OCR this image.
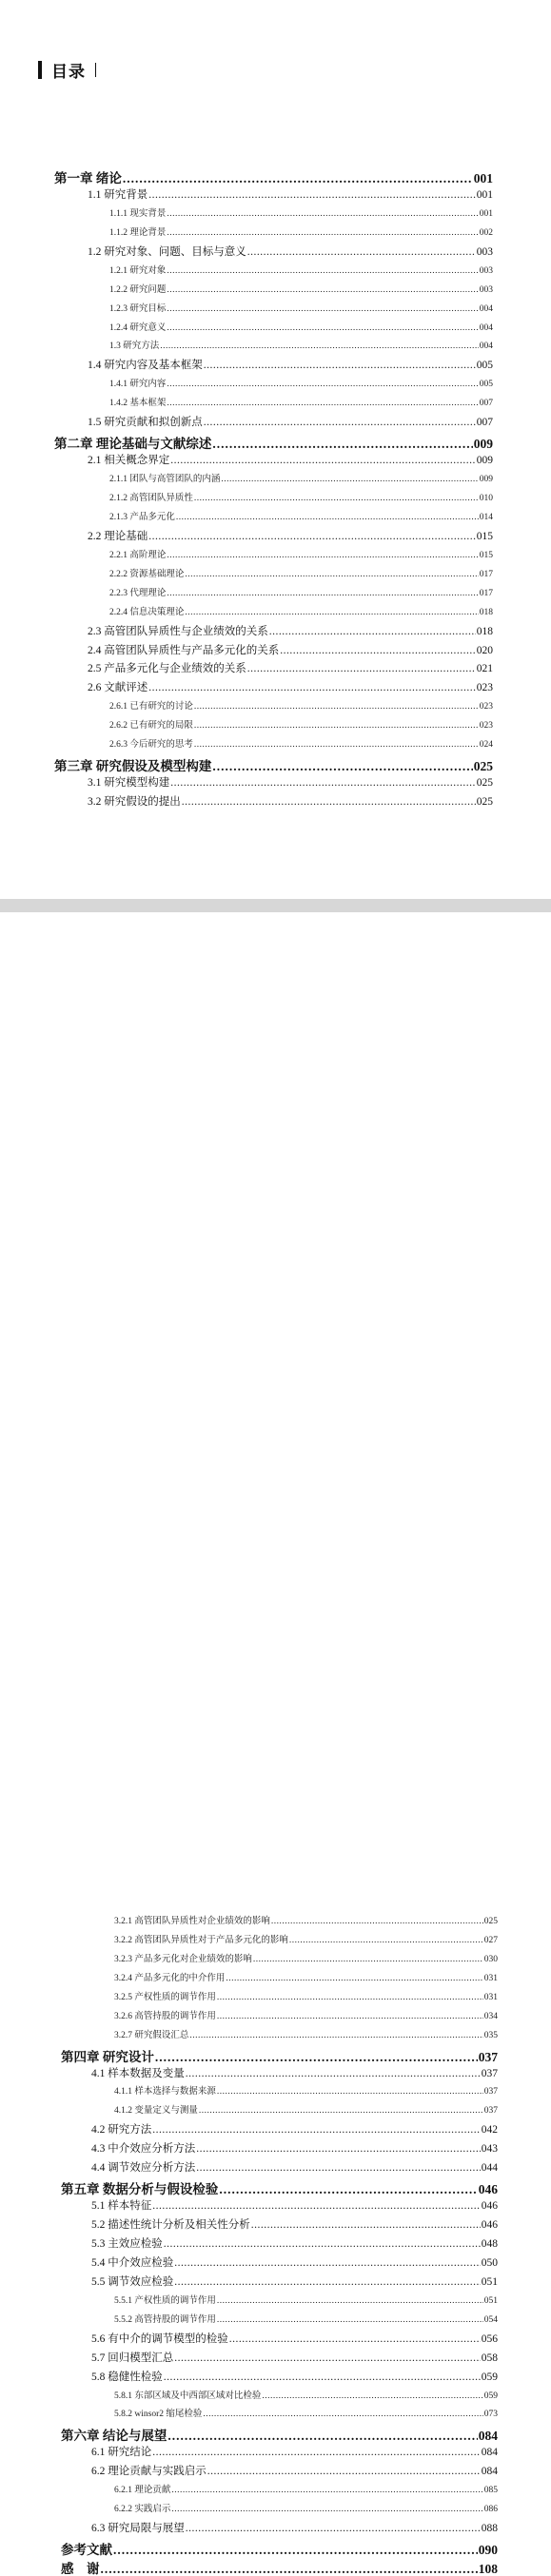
目录
第一章 绪论 .....	001
1.1 研究背景 .....	001
1.1.1 现实背景 .....	001
1.1.2 理论背景 .....	002
1.2 研究对象、问题、目标与意义 .....	003
1.2.1 研究对象 .....	003
1.2.2 研究问题 .....	003
1.2.3 研究目标 .....	004
1.2.4 研究意义 .....	004
1.3 研究方法 .....	004
1.4 研究内容及基本框架 .....	005
1.4.1 研究内容 .....	005
1.4.2 基本框架 .....	007
1.5 研究贡献和拟创新点 .....	007
第二章 理论基础与文献综述 .....	009
2.1 相关概念界定 .....	009
2.1.1 团队与高管团队的内涵 .....	009
2.1.2 高管团队异质性 .....	010
2.1.3 产品多元化 .....	014
2.2 理论基础 .....	015
2.2.1 高阶理论 .....	015
2.2.2 资源基础理论 .....	017
2.2.3 代理理论 .....	017
2.2.4 信息决策理论 .....	018
2.3 高管团队异质性与企业绩效的关系 .....	018
2.4 高管团队异质性与产品多元化的关系 .....	020
2.5 产品多元化与企业绩效的关系 .....	021
2.6 文献评述 .....	023
2.6.1 已有研究的讨论 .....	023
2.6.2 已有研究的局限 .....	023
2.6.3 今后研究的思考 .....	024
第三章 研究假设及模型构建 .....	025
3.1 研究模型构建 .....	025
3.2 研究假设的提出 .....	025
3.2.1 高管团队异质性对企业绩效的影响 .....	025
3.2.2 高管团队异质性对于产品多元化的影响 .....	027
3.2.3 产品多元化对企业绩效的影响 .....	030
3.2.4 产品多元化的中介作用 .....	031
3.2.5 产权性质的调节作用 .....	031
3.2.6 高管持股的调节作用 .....	034
3.2.7 研究假设汇总 .....	035
第四章 研究设计 .....	037
4.1 样本数据及变量 .....	037
4.1.1 样本选择与数据来源 .....	037
4.1.2 变量定义与测量 .....	037
4.2 研究方法 .....	042
4.3 中介效应分析方法 .....	043
4.4 调节效应分析方法 .....	044
第五章 数据分析与假设检验 .....	046
5.1 样本特征 .....	046
5.2 描述性统计分析及相关性分析 .....	046
5.3 主效应检验 .....	048
5.4 中介效应检验 .....	050
5.5 调节效应检验 .....	051
5.5.1 产权性质的调节作用 .....	051
5.5.2 高管持股的调节作用 .....	054
5.6 有中介的调节模型的检验 .....	056
5.7 回归模型汇总 .....	058
5.8 稳健性检验 .....	059
5.8.1 东部区域及中西部区域对比检验 .....	059
5.8.2 winsor2 缩尾检验 .....	073
第六章 结论与展望 .....	084
6.1 研究结论 .....	084
6.2 理论贡献与实践启示 .....	084
6.2.1 理论贡献 .....	085
6.2.2 实践启示 .....	086
6.3 研究局限与展望 .....	088
参考文献 .....	090
感　谢 .....	108
